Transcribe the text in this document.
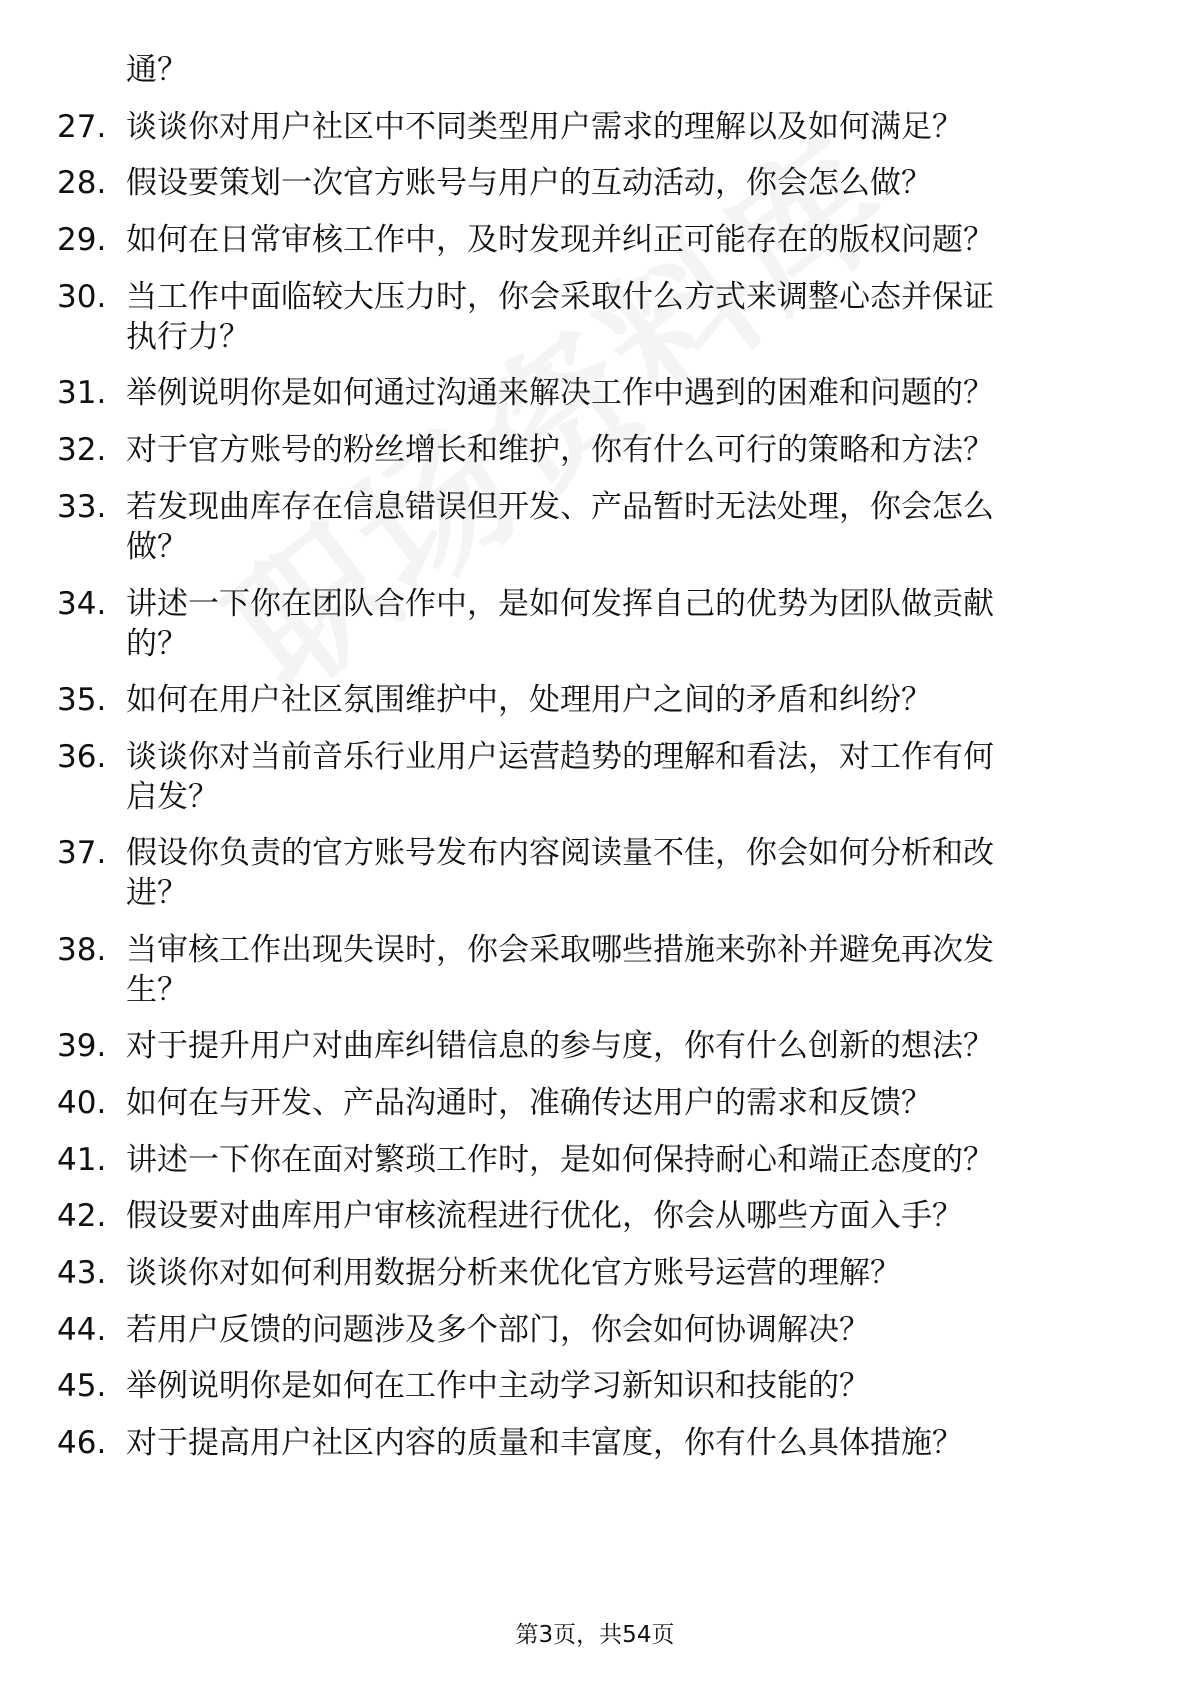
通？
27. 谈谈你对用户社区中不同类型用户需求的理解以及如何满足？
28. 假设要策划一次官方账号与用户的互动活动，你会怎么做？
29. 如何在日常审核工作中，及时发现并纠正可能存在的版权问题？
30. 当工作中面临较大压力时，你会采取什么方式来调整心态并保证
执行力？
31. 举例说明你是如何通过沟通来解决工作中遇到的困难和问题的？
32. 对于官方账号的粉丝增长和维护，你有什么可行的策略和方法？
33. 若发现曲库存在信息错误但开发、产品暂时无法处理，你会怎么
做？
34. 讲述一下你在团队合作中，是如何发挥自己的优势为团队做贡献
的？
35. 如何在用户社区氛围维护中，处理用户之间的矛盾和纠纷？
36. 谈谈你对当前音乐行业用户运营趋势的理解和看法，对工作有何
启发？
37. 假设你负责的官方账号发布内容阅读量不佳，你会如何分析和改
进？
38. 当审核工作出现失误时，你会采取哪些措施来弥补并避免再次发
生？
39. 对于提升用户对曲库纠错信息的参与度，你有什么创新的想法？
40. 如何在与开发、产品沟通时，准确传达用户的需求和反馈？
41. 讲述一下你在面对繁琐工作时，是如何保持耐心和端正态度的？
42. 假设要对曲库用户审核流程进行优化，你会从哪些方面入手？
43. 谈谈你对如何利用数据分析来优化官方账号运营的理解？
44. 若用户反馈的问题涉及多个部门，你会如何协调解决？
45. 举例说明你是如何在工作中主动学习新知识和技能的？
46. 对于提高用户社区内容的质量和丰富度，你有什么具体措施？
第3页，共54页
